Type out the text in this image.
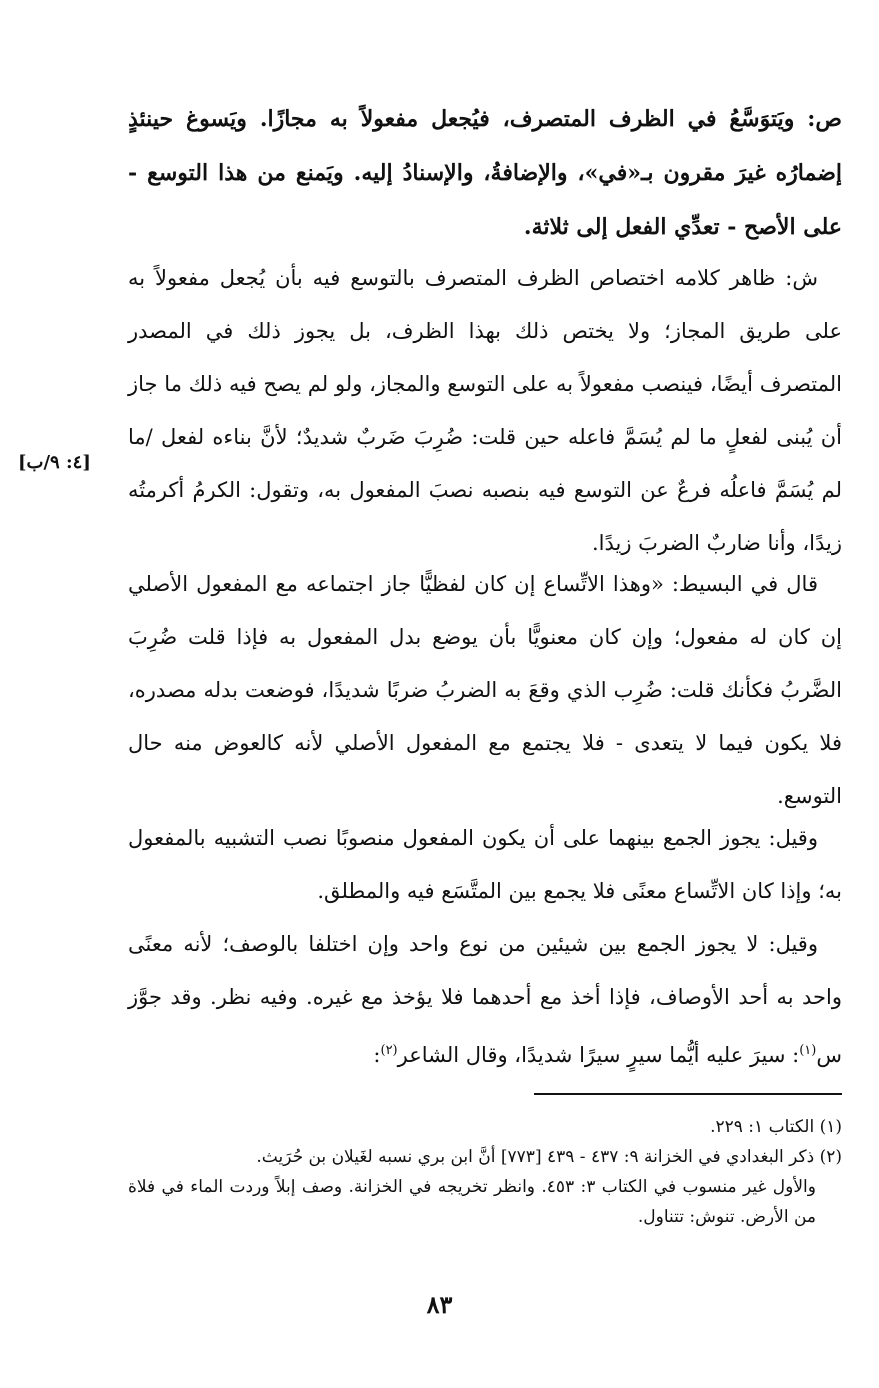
ص: ويَتوَسَّعُ في الظرف المتصرف، فيُجعل مفعولاً به مجازًا. ويَسوغ حينئذٍ إضمارُه غيرَ مقرون بـ«في»، والإضافةُ، والإسنادُ إليه. ويَمنع من هذا التوسع - على الأصح - تعدِّي الفعل إلى ثلاثة.

ش: ظاهر كلامه اختصاص الظرف المتصرف بالتوسع فيه بأن يُجعل مفعولاً به على طريق المجاز؛ ولا يختص ذلك بهذا الظرف، بل يجوز ذلك في المصدر المتصرف أيضًا، فينصب مفعولاً به على التوسع والمجاز، ولو لم يصح فيه ذلك ما جاز أن يُبنى لفعلٍ ما لم يُسَمَّ فاعله حين قلت: ضُرِبَ ضَربٌ شديدٌ؛ لأنَّ بناءه لفعل /ما لم يُسَمَّ فاعلُه فرعٌ عن التوسع فيه بنصبه نصبَ المفعول به، وتقول: الكرمُ أكرمتُه زيدًا، وأنا ضاربٌ الضربَ زيدًا.

[٤: ٩/ب]

قال في البسيط: «وهذا الاتِّساع إن كان لفظيًّا جاز اجتماعه مع المفعول الأصلي إن كان له مفعول؛ وإن كان معنويًّا بأن يوضع بدل المفعول به فإذا قلت ضُرِبَ الضَّربُ فكأنك قلت: ضُرِب الذي وقعَ به الضربُ ضربًا شديدًا، فوضعت بدله مصدره، فلا يكون فيما لا يتعدى - فلا يجتمع مع المفعول الأصلي لأنه كالعوض منه حال التوسع.

وقيل: يجوز الجمع بينهما على أن يكون المفعول منصوبًا نصب التشبيه بالمفعول به؛ وإذا كان الاتِّساع معنًى فلا يجمع بين المتَّسَع فيه والمطلق.

وقيل: لا يجوز الجمع بين شيئين من نوع واحد وإن اختلفا بالوصف؛ لأنه معنًى واحد به أحد الأوصاف، فإذا أخذ مع أحدهما فلا يؤخذ مع غيره. وفيه نظر. وقد جوَّز س$^{(١)}$: سيرَ عليه أيُّما سيرٍ سيرًا شديدًا، وقال الشاعر$^{(٢)}$:

(١) الكتاب ١: ٢٢٩.

(٢) ذكر البغدادي في الخزانة ٩: ٤٣٧ - ٤٣٩ [٧٧٣] أنَّ ابن بري نسبه لغَيلان بن حُرَيث.

والأول غير منسوب في الكتاب ٣: ٤٥٣. وانظر تخريجه في الخزانة. وصف إبلاً وردت الماء في فلاة من الأرض. تنوش: تتناول.

٨٣
